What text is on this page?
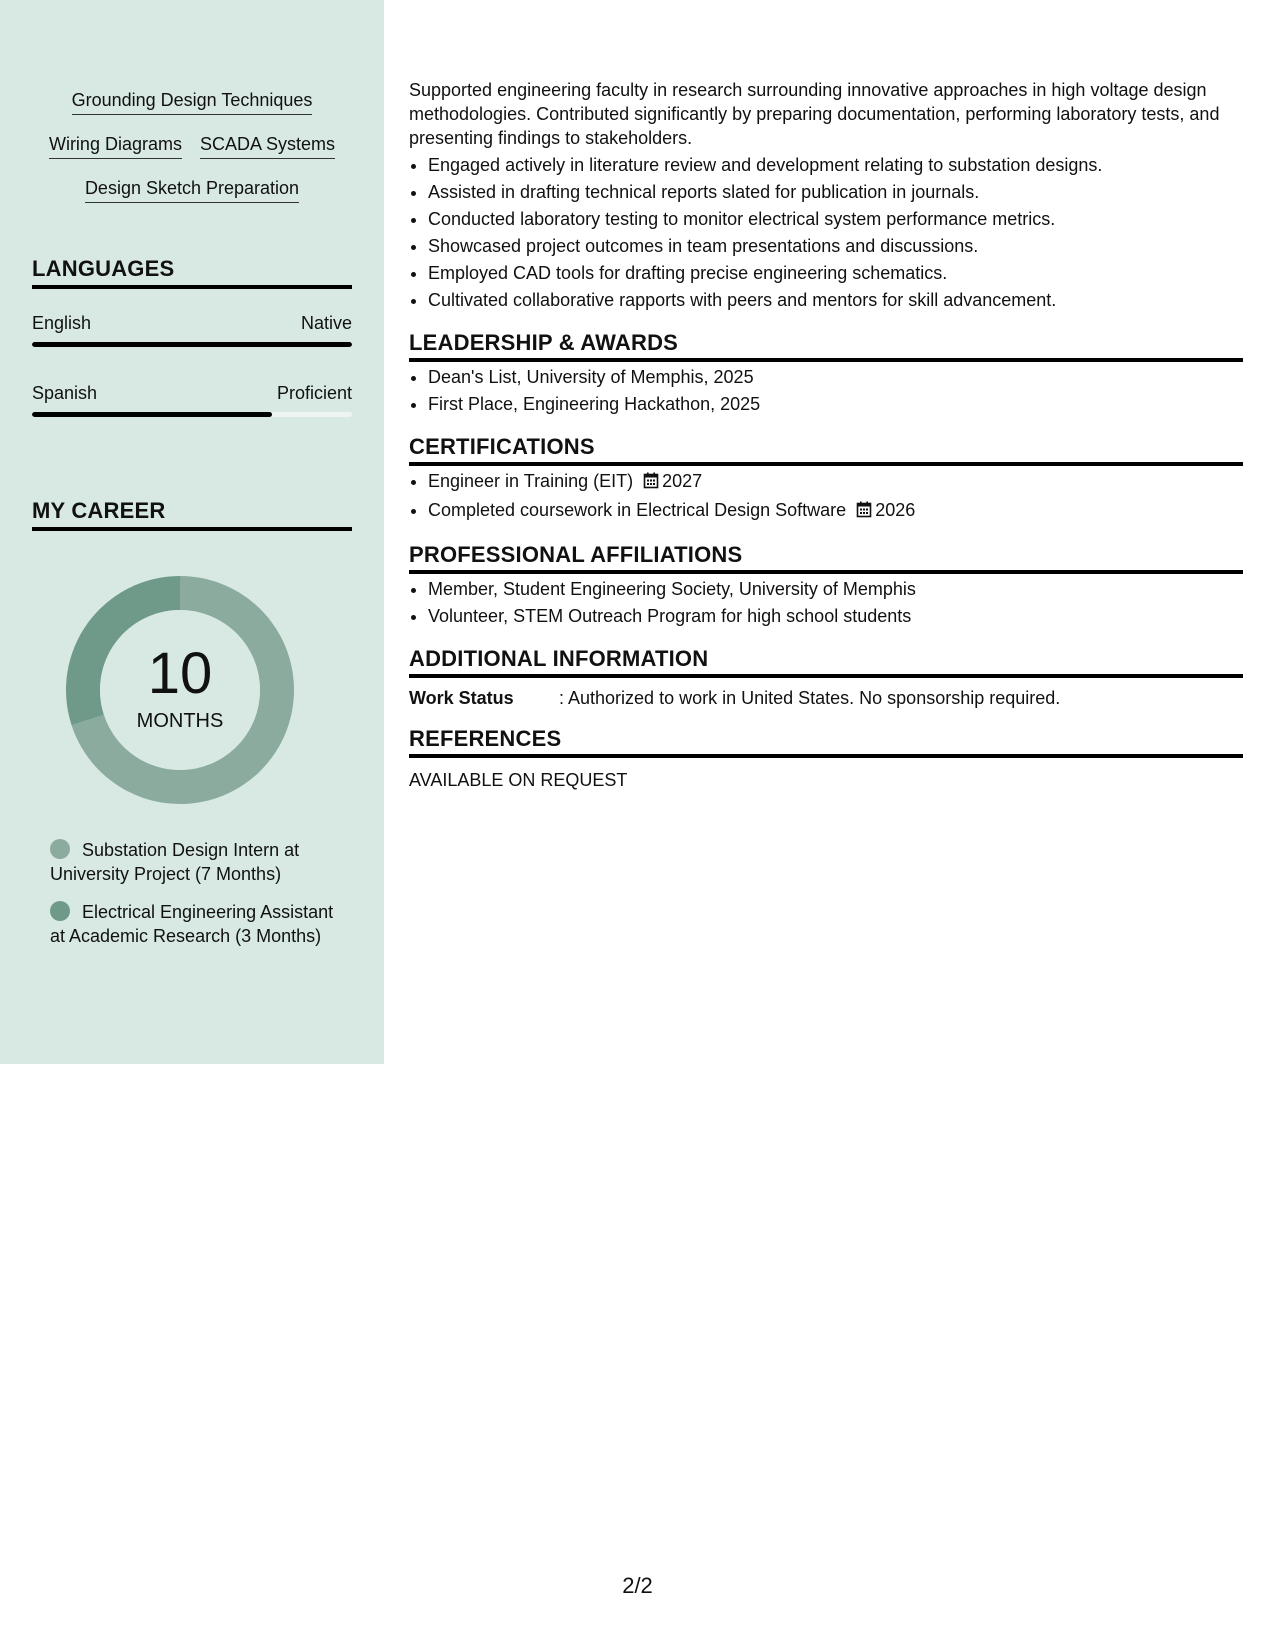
Grounding Design Techniques
Wiring Diagrams SCADA Systems
Design Sketch Preparation
LANGUAGES
English	Native
Spanish	Proficient
MY CAREER
10
MONTHS
Substation Design Intern at University Project (7 Months)
Electrical Engineering Assistant at Academic Research (3 Months)

Supported engineering faculty in research surrounding innovative approaches in high voltage design methodologies. Contributed significantly by preparing documentation, performing laboratory tests, and presenting findings to stakeholders.

• Engaged actively in literature review and development relating to substation designs.
• Assisted in drafting technical reports slated for publication in journals.
• Conducted laboratory testing to monitor electrical system performance metrics.
• Showcased project outcomes in team presentations and discussions.
• Employed CAD tools for drafting precise engineering schematics.
• Cultivated collaborative rapports with peers and mentors for skill advancement.
LEADERSHIP & AWARDS
• Dean's List, University of Memphis, 2025
• First Place, Engineering Hackathon, 2025
CERTIFICATIONS
• Engineer in Training (EIT) 2027
• Completed coursework in Electrical Design Software 2026
PROFESSIONAL AFFILIATIONS
• Member, Student Engineering Society, University of Memphis
• Volunteer, STEM Outreach Program for high school students
ADDITIONAL INFORMATION
Work Status	: Authorized to work in United States. No sponsorship required.
REFERENCES
AVAILABLE ON REQUEST
2/2
